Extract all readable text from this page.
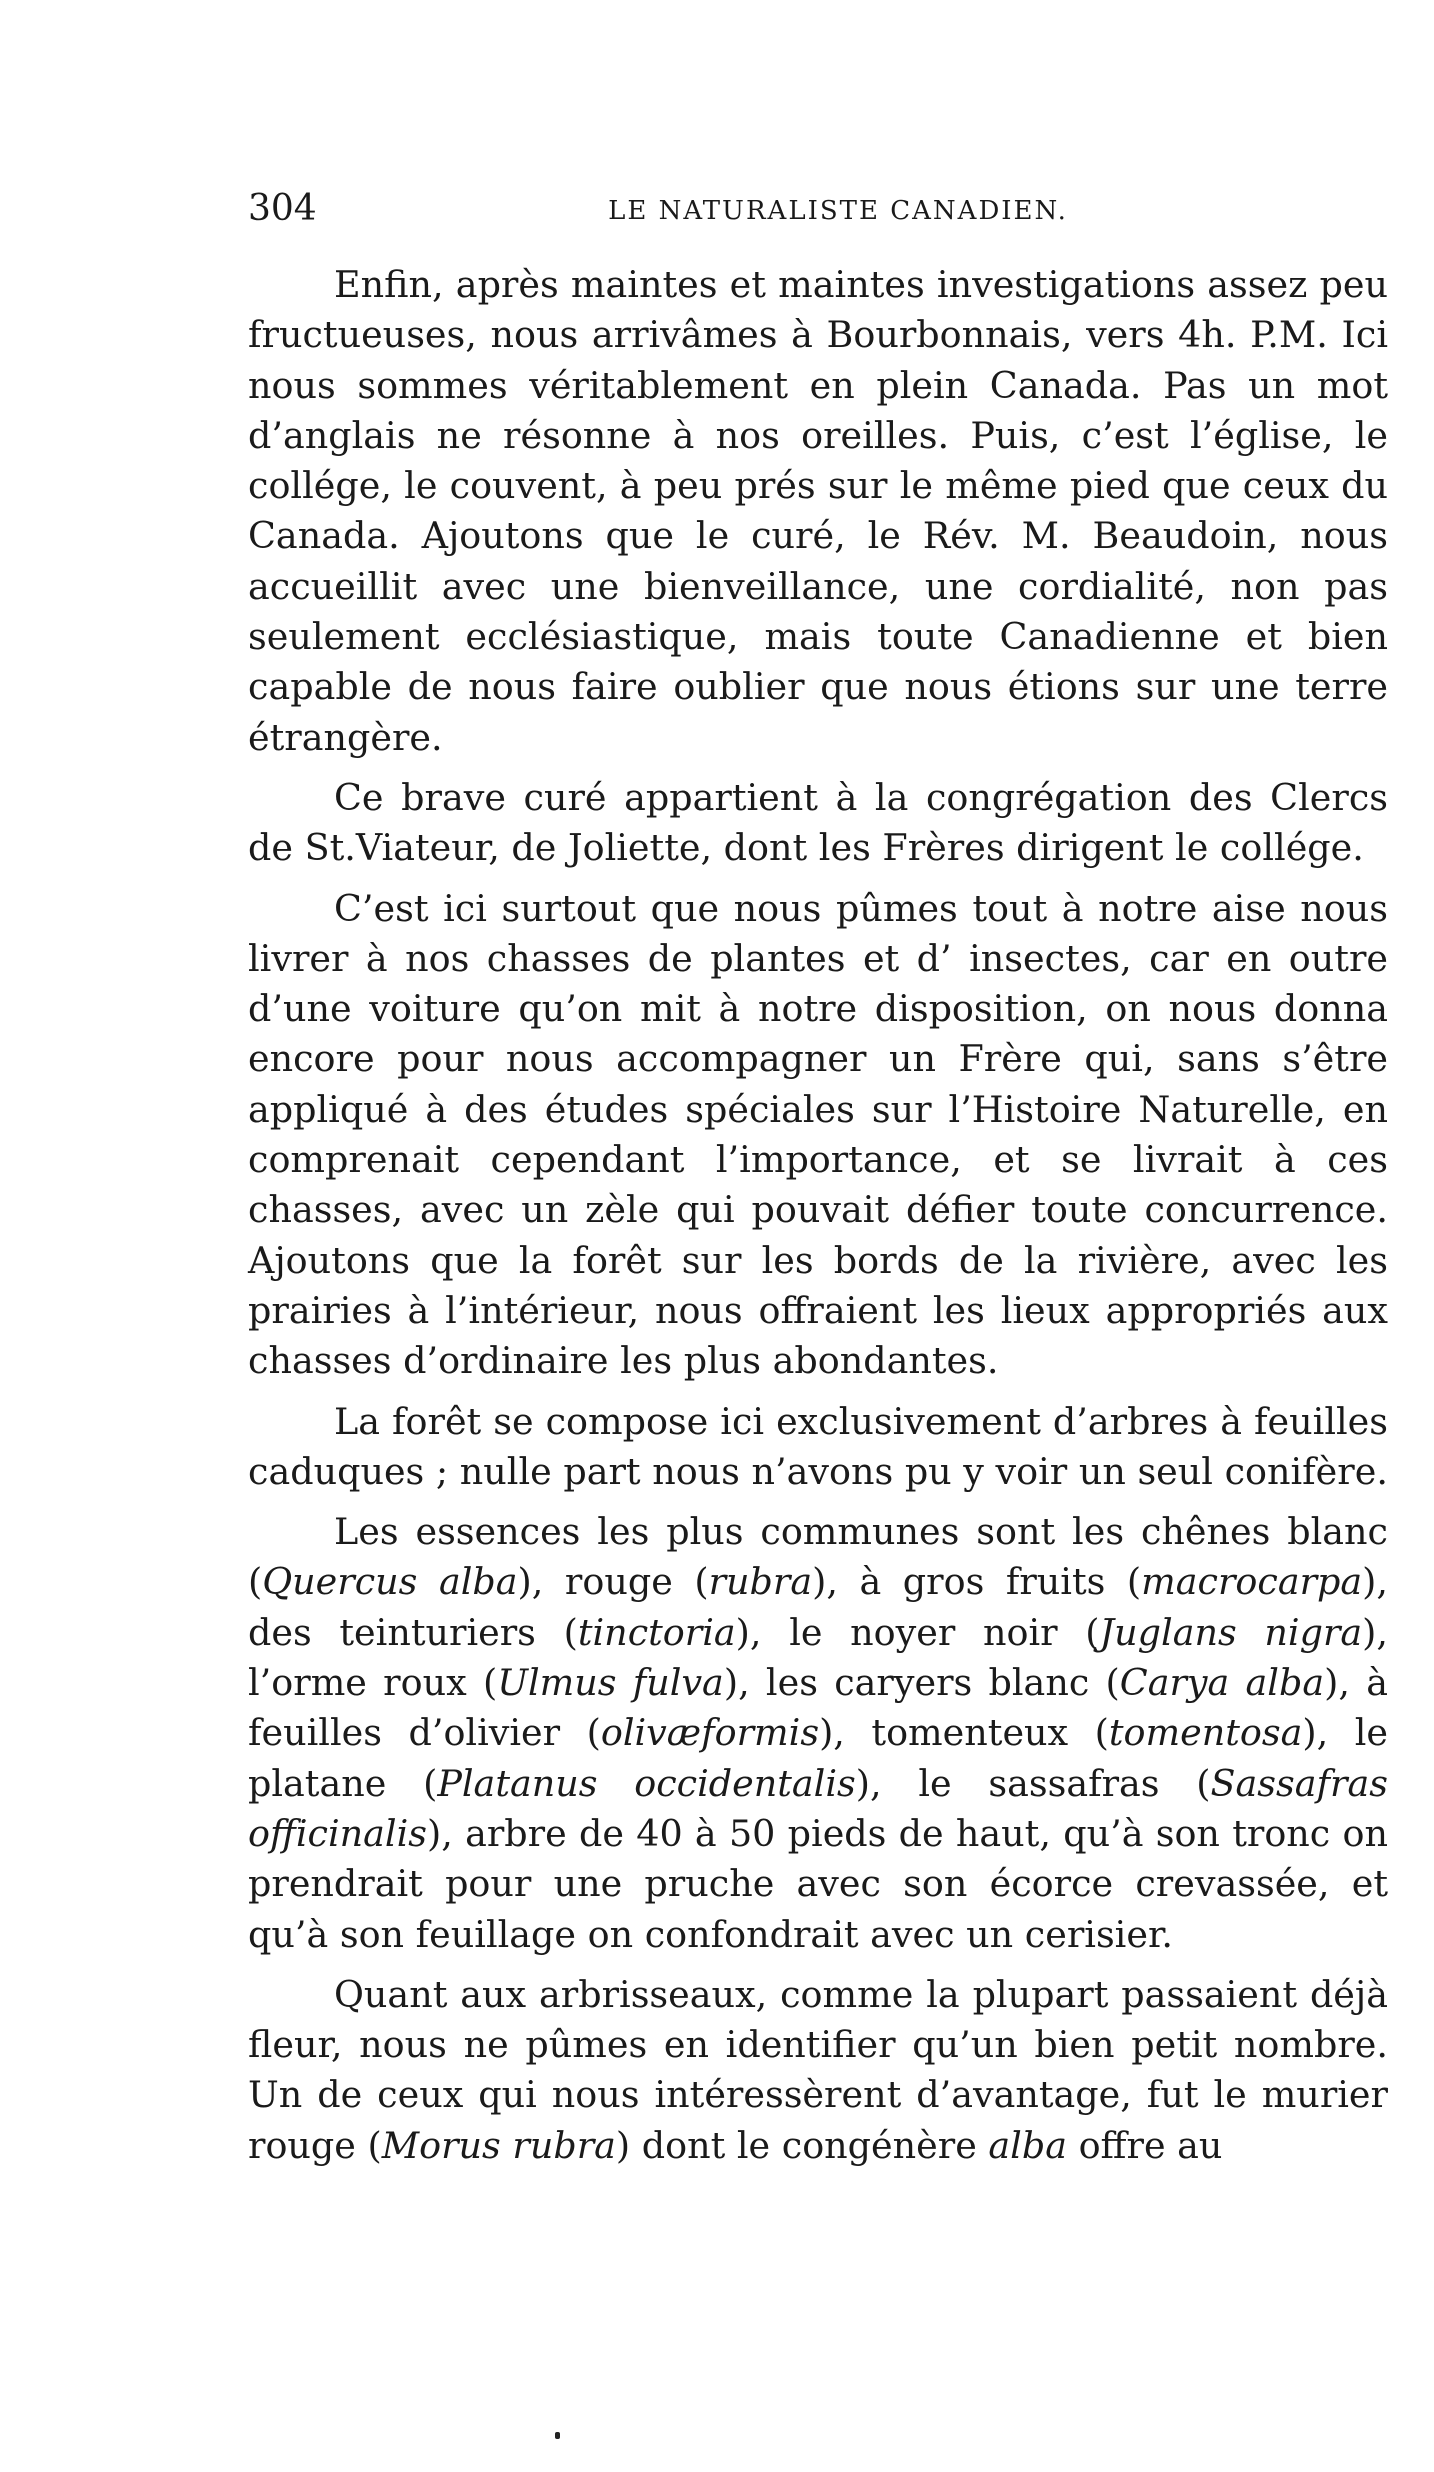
304	LE NATURALISTE CANADIEN.

Enfin, après maintes et maintes investigations assez peu fructueuses, nous arrivâmes à Bourbonnais, vers 4h. P.M. Ici nous sommes véritablement en plein Canada. Pas un mot d’anglais ne résonne à nos oreilles. Puis, c’est l’église, le collége, le couvent, à peu prés sur le même pied que ceux du Canada. Ajoutons que le curé, le Rév. M. Beaudoin, nous accueillit avec une bienveillance, une cordialité, non pas seulement ecclésiastique, mais toute Canadienne et bien capable de nous faire oublier que nous étions sur une terre étrangère.

Ce brave curé appartient à la congrégation des Clercs de St.Viateur, de Joliette, dont les Frères dirigent le collége.

C’est ici surtout que nous pûmes tout à notre aise nous livrer à nos chasses de plantes et d’ insectes, car en outre d’une voiture qu’on mit à notre disposition, on nous donna encore pour nous accompagner un Frère qui, sans s’être appliqué à des études spéciales sur l’Histoire Naturelle, en comprenait cependant l’importance, et se livrait à ces chasses, avec un zèle qui pouvait défier toute concurrence. Ajoutons que la forêt sur les bords de la rivière, avec les prairies à l’intérieur, nous offraient les lieux appropriés aux chasses d’ordinaire les plus abondantes.

La forêt se compose ici exclusivement d’arbres à feuilles caduques ; nulle part nous n’avons pu y voir un seul conifère.

Les essences les plus communes sont les chênes blanc (Quercus alba), rouge (rubra), à gros fruits (macrocarpa), des teinturiers (tinctoria), le noyer noir (Juglans nigra), l’orme roux (Ulmus fulva), les caryers blanc (Carya alba), à feuilles d’olivier (olivæformis), tomenteux (tomentosa), le platane (Platanus occidentalis), le sassafras (Sassafras officinalis), arbre de 40 à 50 pieds de haut, qu’à son tronc on prendrait pour une pruche avec son écorce crevassée, et qu’à son feuillage on confondrait avec un cerisier.

Quant aux arbrisseaux, comme la plupart passaient déjà fleur, nous ne pûmes en identifier qu’un bien petit nombre. Un de ceux qui nous intéressèrent d’avantage, fut le murier rouge (Morus rubra) dont le congénère alba offre au
